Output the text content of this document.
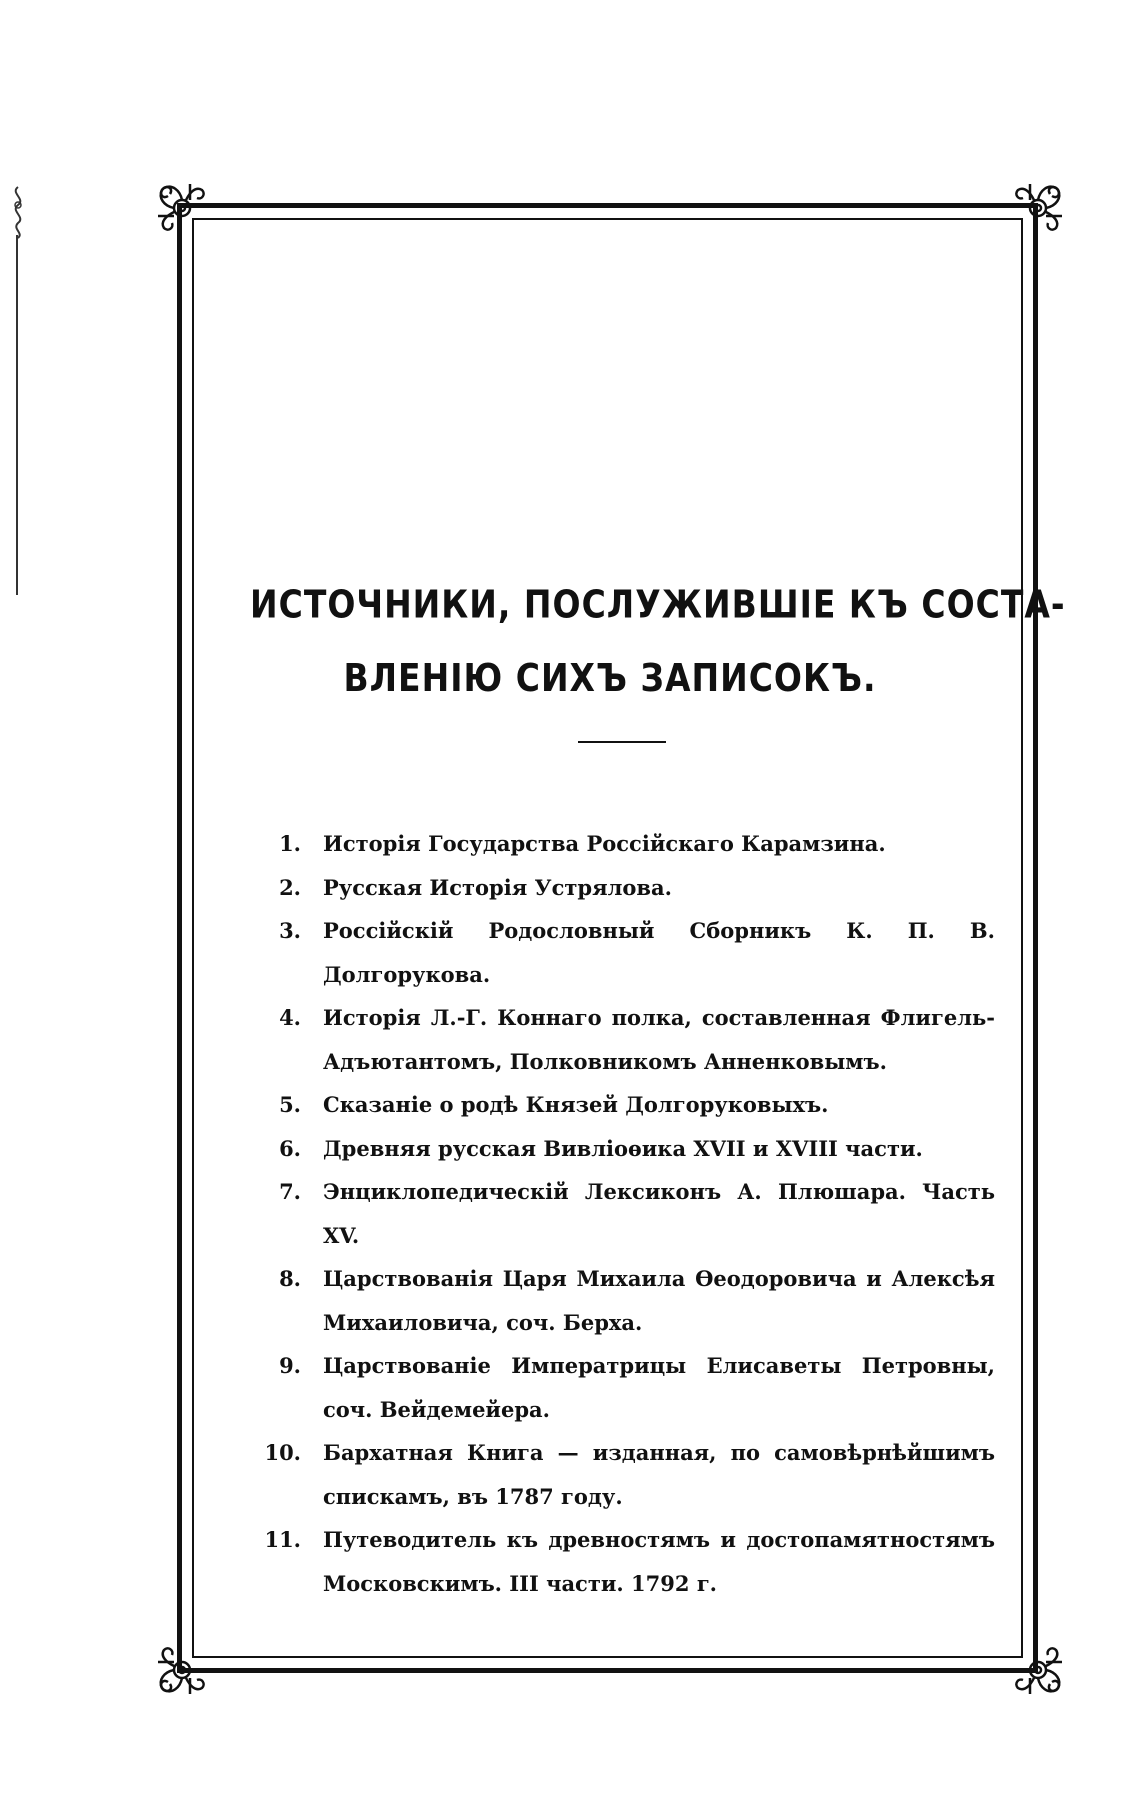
ИСТОЧНИКИ, ПОСЛУЖИВШІЕ КЪ СОСТА-
ВЛЕНІЮ СИХЪ ЗАПИСОКЪ.
1.	Исторія Государства Россійскаго Карамзина.
2.	Русская Исторія Устрялова.
3.	Россійскій Родословный Сборникъ К. П. В. Долгорукова.
4.	Исторія Л.-Г. Коннаго полка, составленная Флигель-Адъютантомъ, Полковникомъ Анненковымъ.
5.	Сказаніе о родѣ Князей Долгоруковыхъ.
6.	Древняя русская Вивліоѳика XVII и XVIII части.
7.	Энциклопедическій Лексиконъ А. Плюшара. Часть XV.
8.	Царствованія Царя Михаила Ѳеодоровича и Алексѣя Михаиловича, соч. Берха.
9.	Царствованіе Императрицы Елисаветы Петровны, соч. Вейдемейера.
10.	Бархатная Книга — изданная, по самовѣрнѣйшимъ спискамъ, въ 1787 году.
11.	Путеводитель къ древностямъ и достопамятностямъ Московскимъ. III части. 1792 г.
